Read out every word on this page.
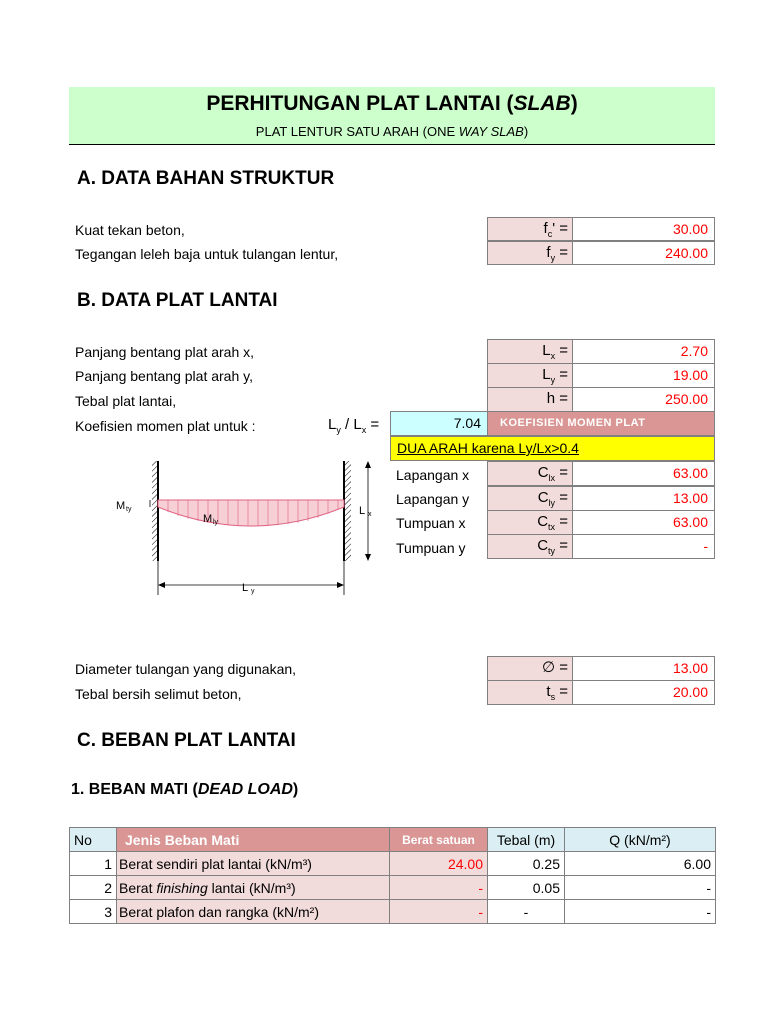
PERHITUNGAN PLAT LANTAI (SLAB)
PLAT LENTUR SATU ARAH (ONE WAY SLAB)
A. DATA BAHAN STRUKTUR
Kuat tekan beton,	$f_c'$ =	30.00
Tegangan leleh baja untuk tulangan lentur,	$f_y$ =	240.00
B. DATA PLAT LANTAI
Panjang bentang plat arah x,	$L_x$ =	2.70
Panjang bentang plat arah y,	$L_y$ =	19.00
Tebal plat lantai,	h =	250.00
Koefisien momen plat untuk :	$L_y / L_x$ =	7.04	KOEFISIEN MOMEN PLAT
DUA ARAH karena Ly/Lx>0.4
Lapangan x	$C_{lx}$ =	63.00
Lapangan y	$C_{ly}$ =	13.00
Tumpuan x	$C_{tx}$ =	63.00
Tumpuan y	$C_{ty}$ =	-
M ty
M ly
L x
L y
Diameter tulangan yang digunakan,	∅ =	13.00
Tebal bersih selimut beton,	$t_s$ =	20.00
C. BEBAN PLAT LANTAI
1. BEBAN MATI (DEAD LOAD)
No	Jenis Beban Mati	Berat satuan	Tebal (m)	Q (kN/m²)
1	Berat sendiri plat lantai (kN/m³)	24.00	0.25	6.00
2	Berat finishing lantai (kN/m³)	-	0.05	-
3	Berat plafon dan rangka (kN/m²)	-	-	-
